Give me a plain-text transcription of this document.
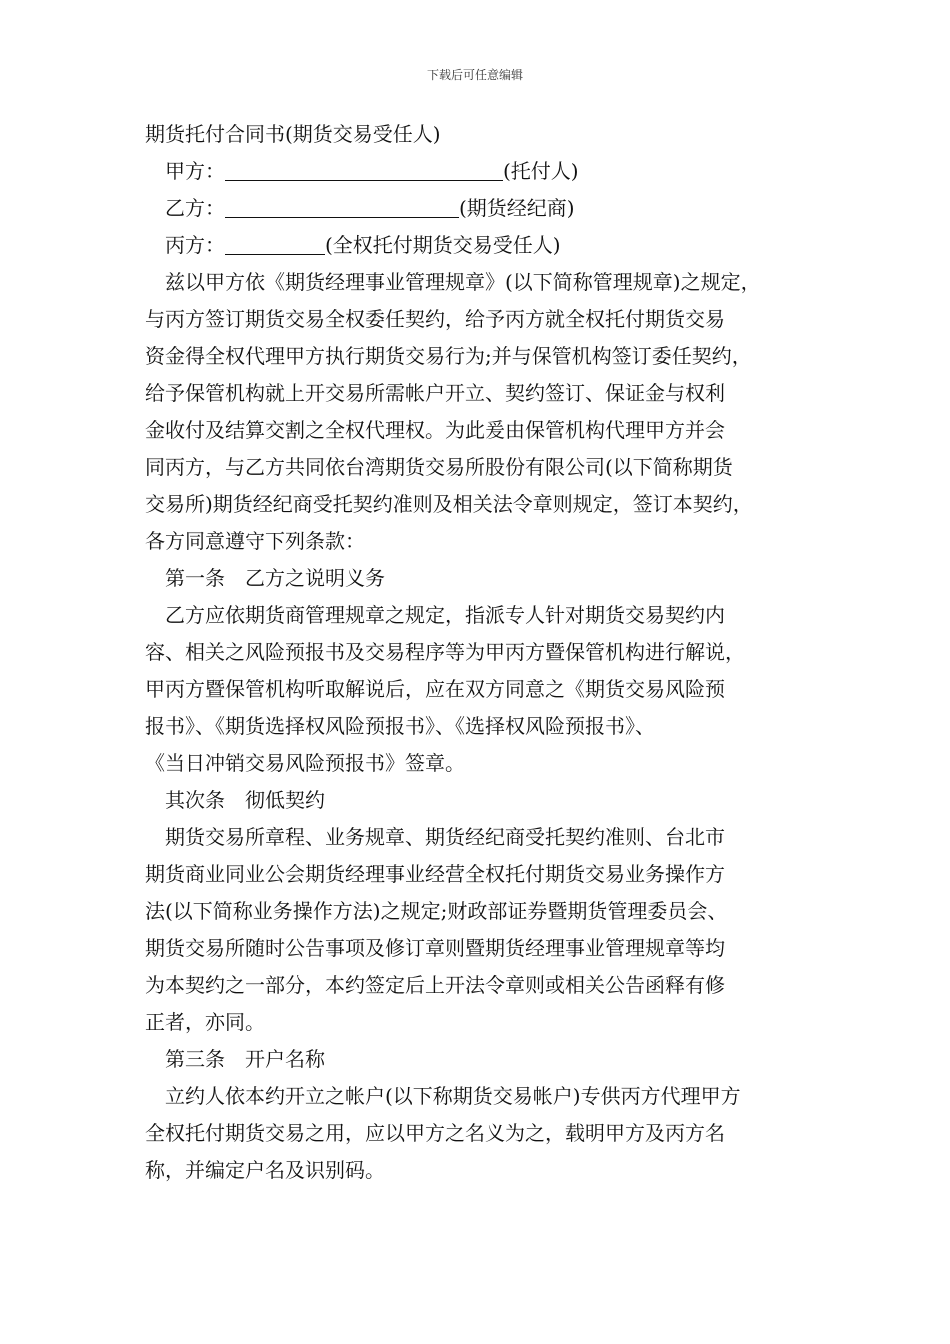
下载后可任意编辑
期货托付合同书(期货交易受任人)
甲方：	(托付人)
乙方：	(期货经纪商)
丙方：	(全权托付期货交易受任人)
兹以甲方依《期货经理事业管理规章》(以下简称管理规章)之规定，
与丙方签订期货交易全权委任契约，给予丙方就全权托付期货交易
资金得全权代理甲方执行期货交易行为;并与保管机构签订委任契约，
给予保管机构就上开交易所需帐户开立、契约签订、保证金与权利
金收付及结算交割之全权代理权。为此爰由保管机构代理甲方并会
同丙方，与乙方共同依台湾期货交易所股份有限公司(以下简称期货
交易所)期货经纪商受托契约准则及相关法令章则规定，签订本契约，
各方同意遵守下列条款：
第一条　乙方之说明义务
乙方应依期货商管理规章之规定，指派专人针对期货交易契约内
容、相关之风险预报书及交易程序等为甲丙方暨保管机构进行解说，
甲丙方暨保管机构听取解说后，应在双方同意之《期货交易风险预
报书》、《期货选择权风险预报书》、《选择权风险预报书》、
《当日冲销交易风险预报书》签章。
其次条　彻低契约
期货交易所章程、业务规章、期货经纪商受托契约准则、台北市
期货商业同业公会期货经理事业经营全权托付期货交易业务操作方
法(以下简称业务操作方法)之规定;财政部证券暨期货管理委员会、
期货交易所随时公告事项及修订章则暨期货经理事业管理规章等均
为本契约之一部分，本约签定后上开法令章则或相关公告函释有修
正者，亦同。
第三条　开户名称
立约人依本约开立之帐户(以下称期货交易帐户)专供丙方代理甲方
全权托付期货交易之用，应以甲方之名义为之，载明甲方及丙方名
称，并编定户名及识别码。
